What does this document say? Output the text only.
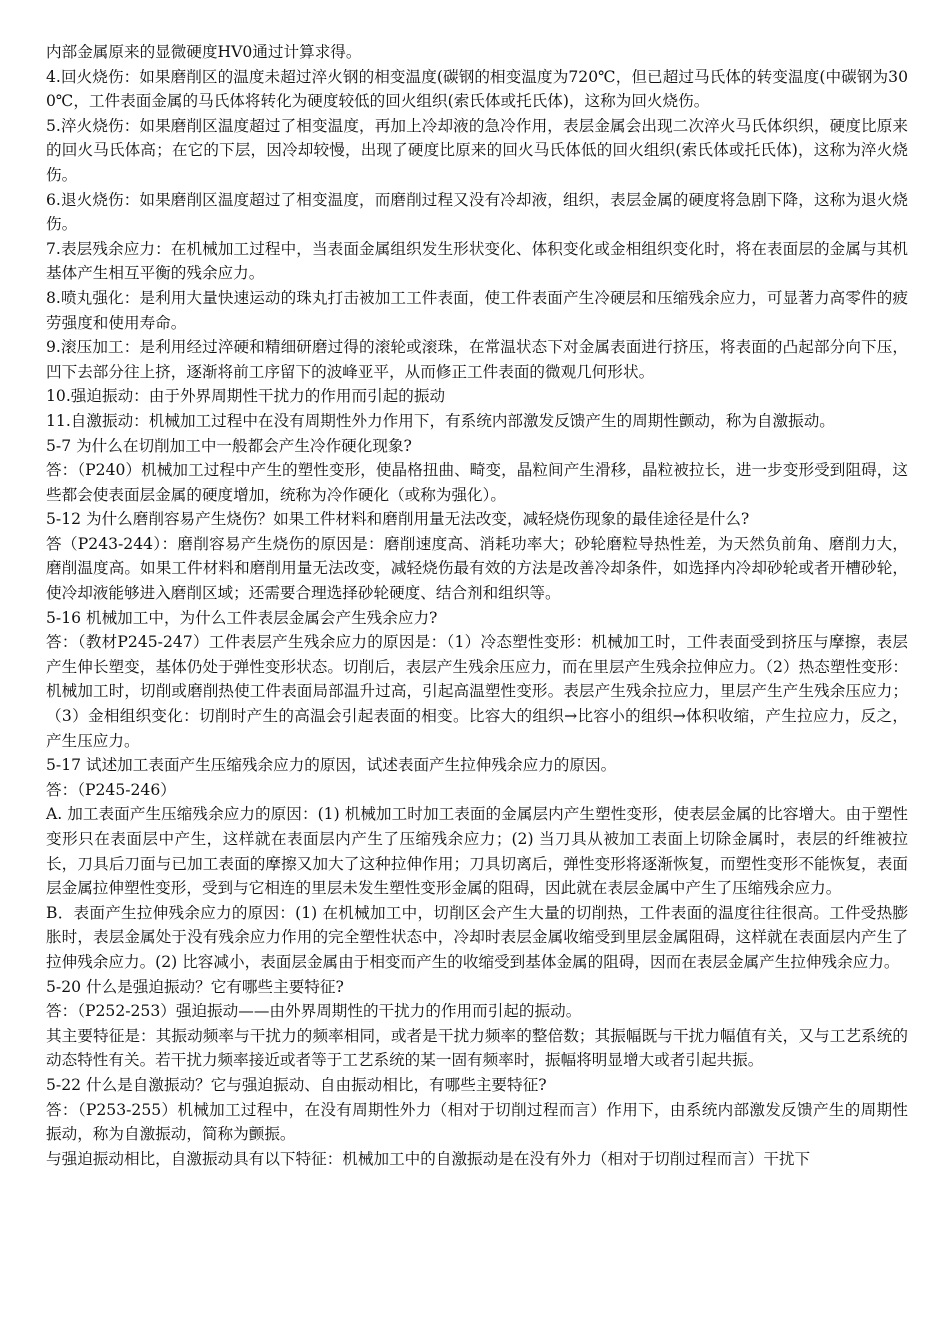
内部金属原来的显微硬度HV0通过计算求得。

4.回火烧伤：如果磨削区的温度未超过淬火钢的相变温度(碳钢的相变温度为720℃，但已超过马氏体的转变温度(中碳钢为300℃，工件表面金属的马氏体将转化为硬度较低的回火组织(索氏体或托氏体)，这称为回火烧伤。

5.淬火烧伤：如果磨削区温度超过了相变温度，再加上冷却液的急冷作用，表层金属会出现二次淬火马氏体织织，硬度比原来的回火马氏体高；在它的下层，因冷却较慢，出现了硬度比原来的回火马氏体低的回火组织(索氏体或托氏体)，这称为淬火烧伤。

6.退火烧伤：如果磨削区温度超过了相变温度，而磨削过程又没有冷却液，组织，表层金属的硬度将急剧下降，这称为退火烧伤。

7.表层残余应力：在机械加工过程中，当表面金属组织发生形状变化、体积变化或金相组织变化时，将在表面层的金属与其机基体产生相互平衡的残余应力。

8.喷丸强化：是利用大量快速运动的珠丸打击被加工工件表面，使工件表面产生冷硬层和压缩残余应力，可显著力高零件的疲劳强度和使用寿命。

9.滚压加工：是利用经过淬硬和精细研磨过得的滚轮或滚珠，在常温状态下对金属表面进行挤压，将表面的凸起部分向下压，凹下去部分往上挤，逐渐将前工序留下的波峰亚平，从而修正工件表面的微观几何形状。

10.强迫振动：由于外界周期性干扰力的作用而引起的振动

11.自激振动：机械加工过程中在没有周期性外力作用下，有系统内部激发反馈产生的周期性颤动，称为自激振动。

5-7 为什么在切削加工中一般都会产生冷作硬化现象?

答：（P240）机械加工过程中产生的塑性变形，使晶格扭曲、畸变，晶粒间产生滑移，晶粒被拉长，进一步变形受到阻碍，这些都会使表面层金属的硬度增加，统称为冷作硬化（或称为强化）。

5-12 为什么磨削容易产生烧伤？如果工件材料和磨削用量无法改变，减轻烧伤现象的最佳途径是什么?

答（P243-244）：磨削容易产生烧伤的原因是：磨削速度高、消耗功率大；砂轮磨粒导热性差，为天然负前角、磨削力大，磨削温度高。如果工件材料和磨削用量无法改变，减轻烧伤最有效的方法是改善冷却条件，如选择内冷却砂轮或者开槽砂轮，使冷却液能够进入磨削区域；还需要合理选择砂轮硬度、结合剂和组织等。

5-16 机械加工中，为什么工件表层金属会产生残余应力?

答：（教材P245-247）工件表层产生残余应力的原因是：（1）冷态塑性变形：机械加工时，工件表面受到挤压与摩擦，表层产生伸长塑变，基体仍处于弹性变形状态。切削后，表层产生残余压应力，而在里层产生残余拉伸应力。（2）热态塑性变形：机械加工时，切削或磨削热使工件表面局部温升过高，引起高温塑性变形。表层产生残余拉应力，里层产生产生残余压应力；（3）金相组织变化：切削时产生的高温会引起表面的相变。比容大的组织→比容小的组织→体积收缩，产生拉应力，反之，产生压应力。

5-17 试述加工表面产生压缩残余应力的原因，试述表面产生拉伸残余应力的原因。

答：（P245-246）

A. 加工表面产生压缩残余应力的原因：(1) 机械加工时加工表面的金属层内产生塑性变形，使表层金属的比容增大。由于塑性变形只在表面层中产生，这样就在表面层内产生了压缩残余应力；(2) 当刀具从被加工表面上切除金属时，表层的纤维被拉长，刀具后刀面与已加工表面的摩擦又加大了这种拉伸作用；刀具切离后，弹性变形将逐渐恢复，而塑性变形不能恢复，表面层金属拉伸塑性变形，受到与它相连的里层未发生塑性变形金属的阻碍，因此就在表层金属中产生了压缩残余应力。

B．表面产生拉伸残余应力的原因：(1) 在机械加工中，切削区会产生大量的切削热，工件表面的温度往往很高。工件受热膨胀时，表层金属处于没有残余应力作用的完全塑性状态中，冷却时表层金属收缩受到里层金属阻碍，这样就在表面层内产生了拉伸残余应力。(2) 比容减小，表面层金属由于相变而产生的收缩受到基体金属的阻碍，因而在表层金属产生拉伸残余应力。

5-20 什么是强迫振动？它有哪些主要特征?

答：（P252-253）强迫振动——由外界周期性的干扰力的作用而引起的振动。

其主要特征是：其振动频率与干扰力的频率相同，或者是干扰力频率的整倍数；其振幅既与干扰力幅值有关，又与工艺系统的动态特性有关。若干扰力频率接近或者等于工艺系统的某一固有频率时，振幅将明显增大或者引起共振。

5-22 什么是自激振动？它与强迫振动、自由振动相比，有哪些主要特征?

答：（P253-255）机械加工过程中，在没有周期性外力（相对于切削过程而言）作用下，由系统内部激发反馈产生的周期性振动，称为自激振动，简称为颤振。

与强迫振动相比，自激振动具有以下特征：机械加工中的自激振动是在没有外力（相对于切削过程而言）干扰下
